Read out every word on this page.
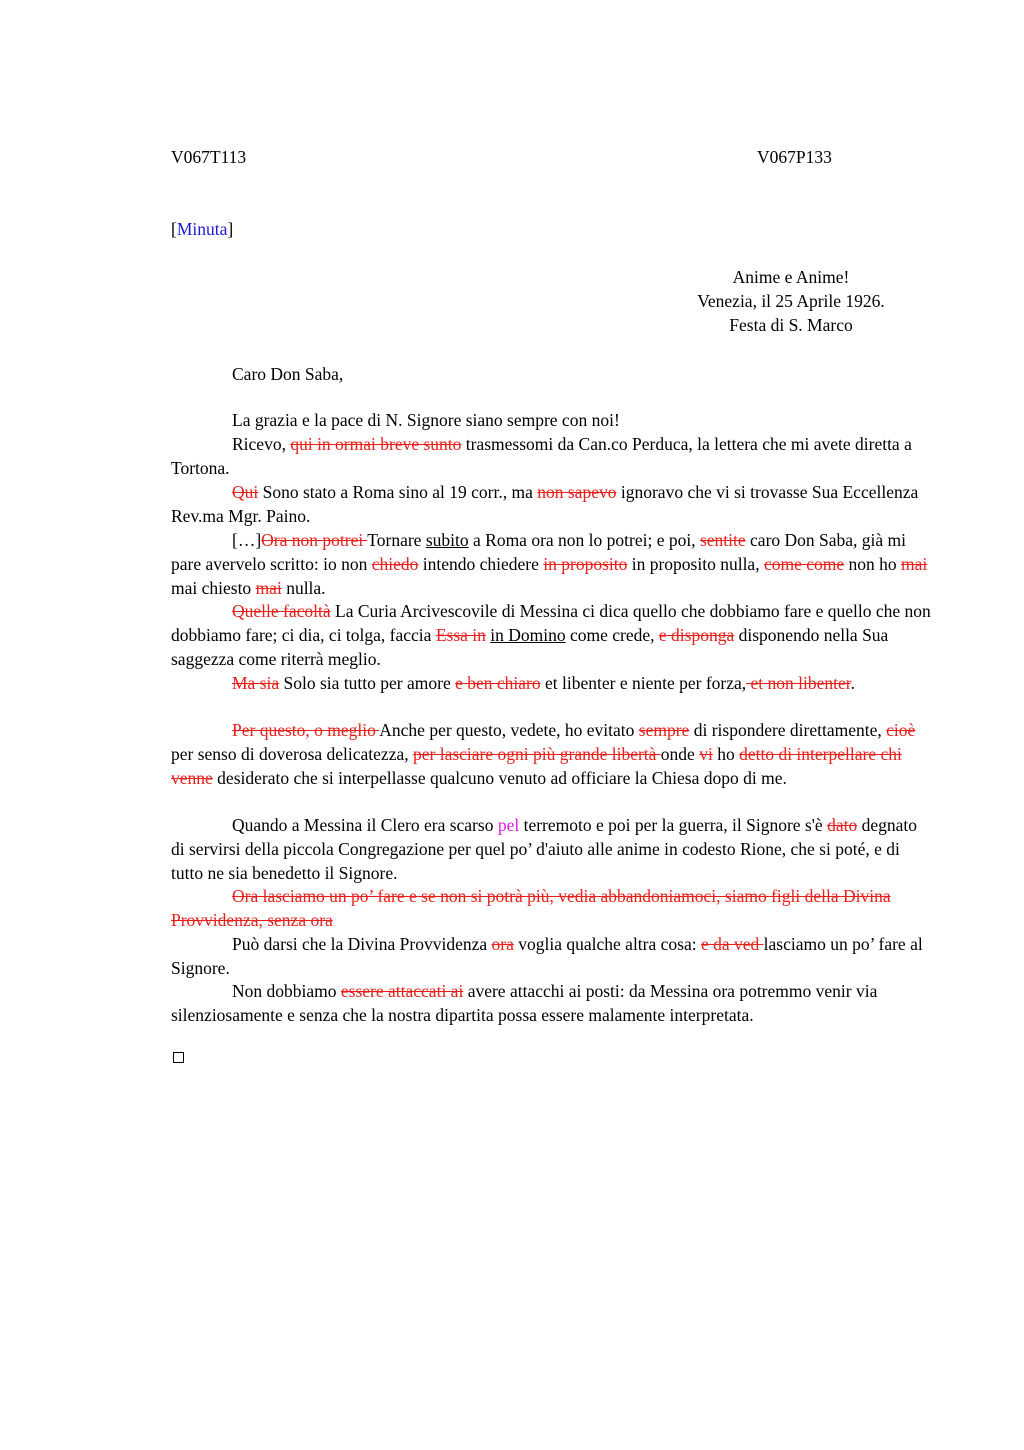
V067T113	V067P133
[Minuta]
Anime e Anime!
Venezia, il 25 Aprile 1926.
Festa di S. Marco
Caro Don Saba,
La grazia e la pace di N. Signore siano sempre con noi!
Ricevo, qui in ormai breve sunto trasmessomi da Can.co Perduca, la lettera che mi avete diretta a Tortona.
Qui Sono stato a Roma sino al 19 corr., ma non sapevo ignoravo che vi si trovasse Sua Eccellenza Rev.ma Mgr. Paino.
[…]Ora non potrei Tornare subito a Roma ora non lo potrei; e poi, sentite caro Don Saba, già mi pare avervelo scritto: io non chiedo intendo chiedere in proposito in proposito nulla, come come non ho mai mai chiesto mai nulla.
Quelle facoltà La Curia Arcivescovile di Messina ci dica quello che dobbiamo fare e quello che non dobbiamo fare; ci dia, ci tolga, faccia Essa in in Domino come crede, e disponga disponendo nella Sua saggezza come riterrà meglio.
Ma sia Solo sia tutto per amore e ben chiaro et libenter e niente per forza, et non libenter.
Per questo, o meglio Anche per questo, vedete, ho evitato sempre di rispondere direttamente, cioè per senso di doverosa delicatezza, per lasciare ogni più grande libertà onde vi ho detto di interpellare chi venne desiderato che si interpellasse qualcuno venuto ad officiare la Chiesa dopo di me.
Quando a Messina il Clero era scarso pel terremoto e poi per la guerra, il Signore s'è dato degnato di servirsi della piccola Congregazione per quel po’ d'aiuto alle anime in codesto Rione, che si poté, e di tutto ne sia benedetto il Signore.
Ora lasciamo un po’ fare e se non si potrà più, vedia abbandoniamoci, siamo figli della Divina Provvidenza, senza ora
Può darsi che la Divina Provvidenza ora voglia qualche altra cosa: e da ved lasciamo un po’ fare al Signore.
Non dobbiamo essere attaccati ai avere attacchi ai posti: da Messina ora potremmo venir via silenziosamente e senza che la nostra dipartita possa essere malamente interpretata.
